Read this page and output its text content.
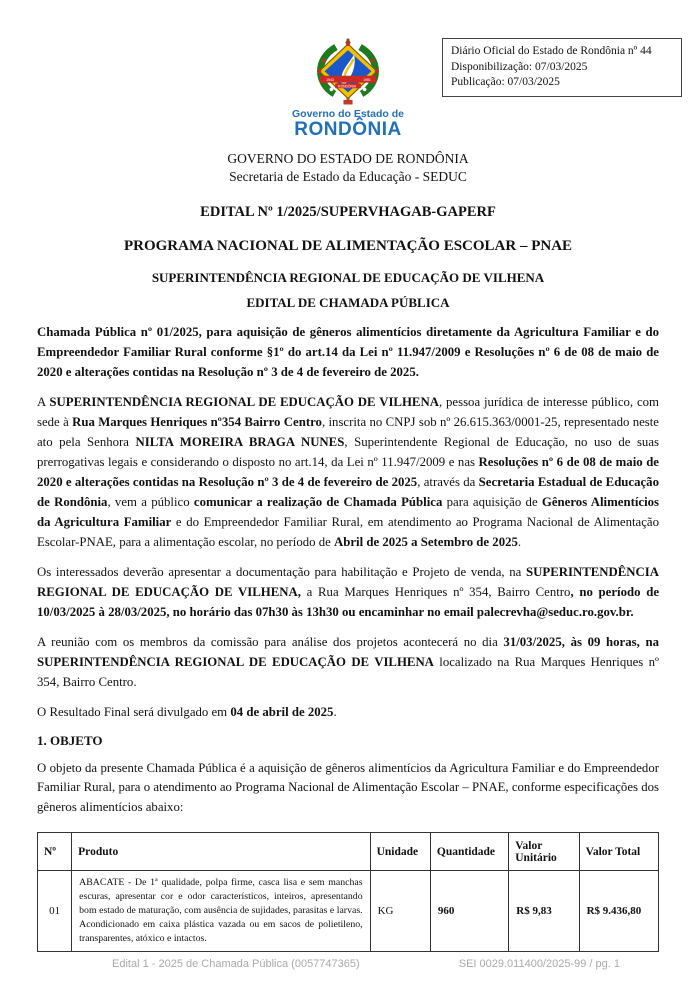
Diário Oficial do Estado de Rondônia nº 44
Disponibilização: 07/03/2025
Publicação: 07/03/2025
1943	1981
RONDÔNIA
Governo do Estado de
RONDÔNIA
GOVERNO DO ESTADO DE RONDÔNIA
Secretaria de Estado da Educação - SEDUC
EDITAL Nº 1/2025/SUPERVHAGAB-GAPERF
PROGRAMA NACIONAL DE ALIMENTAÇÃO ESCOLAR – PNAE
SUPERINTENDÊNCIA REGIONAL DE EDUCAÇÃO DE VILHENA
EDITAL DE CHAMADA PÚBLICA

Chamada Pública nº 01/2025, para aquisição de gêneros alimentícios diretamente da Agricultura Familiar e do Empreendedor Familiar Rural conforme §1º do art.14 da Lei nº 11.947/2009 e Resoluções nº 6 de 08 de maio de 2020 e alterações contidas na Resolução nº 3 de 4 de fevereiro de 2025.

A SUPERINTENDÊNCIA REGIONAL DE EDUCAÇÃO DE VILHENA, pessoa jurídica de interesse público, com sede à Rua Marques Henriques nº354 Bairro Centro, inscrita no CNPJ sob nº 26.615.363/0001-25, representado neste ato pela Senhora NILTA MOREIRA BRAGA NUNES, Superintendente Regional de Educação, no uso de suas prerrogativas legais e considerando o disposto no art.14, da Lei nº 11.947/2009 e nas Resoluções nº 6 de 08 de maio de 2020 e alterações contidas na Resolução nº 3 de 4 de fevereiro de 2025, através da Secretaria Estadual de Educação de Rondônia, vem a público comunicar a realização de Chamada Pública para aquisição de Gêneros Alimentícios da Agricultura Familiar e do Empreendedor Familiar Rural, em atendimento ao Programa Nacional de Alimentação Escolar-PNAE, para a alimentação escolar, no período de Abril de 2025 a Setembro de 2025.

Os interessados deverão apresentar a documentação para habilitação e Projeto de venda, na SUPERINTENDÊNCIA REGIONAL DE EDUCAÇÃO DE VILHENA, a Rua Marques Henriques nº 354, Bairro Centro, no período de 10/03/2025 à 28/03/2025, no horário das 07h30 às 13h30 ou encaminhar no email palecrevha@seduc.ro.gov.br.

A reunião com os membros da comissão para análise dos projetos acontecerá no dia 31/03/2025, às 09 horas, na SUPERINTENDÊNCIA REGIONAL DE EDUCAÇÃO DE VILHENA localizado na Rua Marques Henriques nº 354, Bairro Centro.

O Resultado Final será divulgado em 04 de abril de 2025.

1. OBJETO

O objeto da presente Chamada Pública é a aquisição de gêneros alimentícios da Agricultura Familiar e do Empreendedor Familiar Rural, para o atendimento ao Programa Nacional de Alimentação Escolar – PNAE, conforme especificações dos gêneros alimentícios abaixo:

Nº	Produto	Unidade	Quantidade	Valor Unitário	Valor Total
01	ABACATE - De 1ª qualidade, polpa firme, casca lisa e sem manchas escuras, apresentar cor e odor característicos, inteiros, apresentando bom estado de maturação, com ausência de sujidades, parasitas e larvas. Acondicionado em caixa plástica vazada ou em sacos de polietileno, transparentes, atóxico e intactos.	KG	960	R$ 9,83	R$ 9.436,80
Edital 1 - 2025 de Chamada Pública (0057747365)	SEI 0029.011400/2025-99 / pg. 1
